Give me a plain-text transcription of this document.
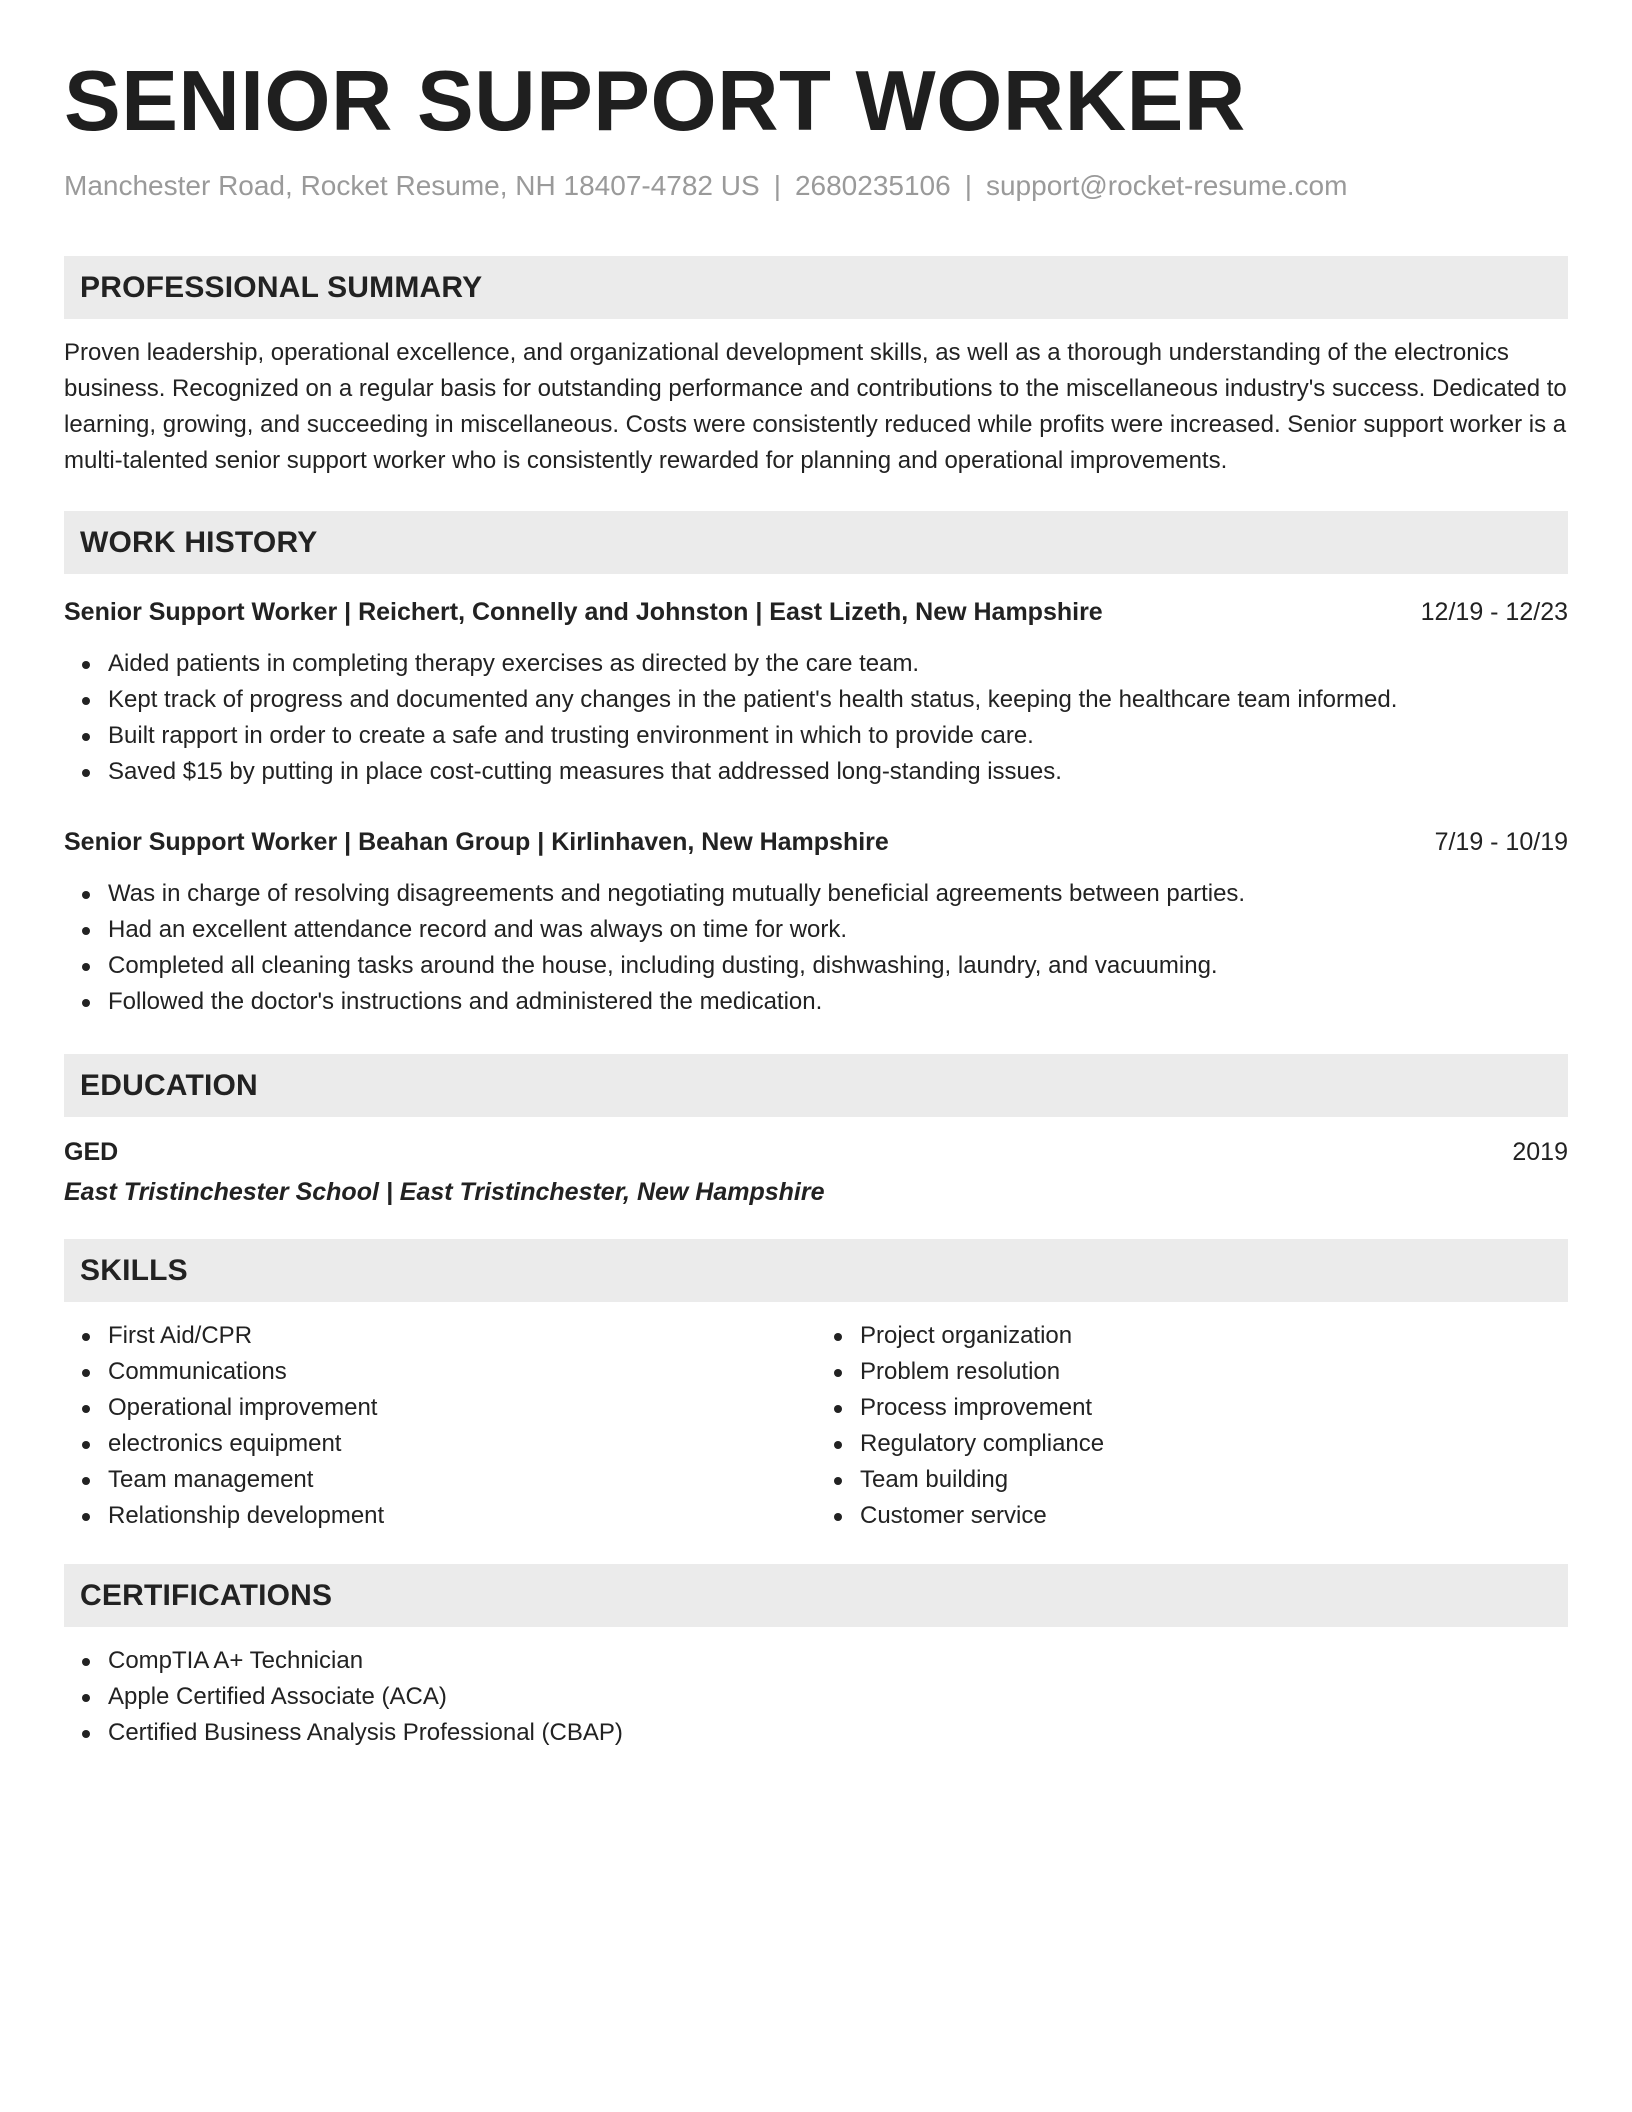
SENIOR SUPPORT WORKER
Manchester Road, Rocket Resume, NH 18407-4782 US | 2680235106 | support@rocket-resume.com
PROFESSIONAL SUMMARY

Proven leadership, operational excellence, and organizational development skills, as well as a thorough understanding of the electronics business. Recognized on a regular basis for outstanding performance and contributions to the miscellaneous industry's success. Dedicated to learning, growing, and succeeding in miscellaneous. Costs were consistently reduced while profits were increased. Senior support worker is a multi-talented senior support worker who is consistently rewarded for planning and operational improvements.

WORK HISTORY
Senior Support Worker | Reichert, Connelly and Johnston | East Lizeth, New Hampshire	12/19 - 12/23
Aided patients in completing therapy exercises as directed by the care team.
Kept track of progress and documented any changes in the patient's health status, keeping the healthcare team informed.
Built rapport in order to create a safe and trusting environment in which to provide care.
Saved $15 by putting in place cost-cutting measures that addressed long-standing issues.
Senior Support Worker | Beahan Group | Kirlinhaven, New Hampshire	7/19 - 10/19
Was in charge of resolving disagreements and negotiating mutually beneficial agreements between parties.
Had an excellent attendance record and was always on time for work.
Completed all cleaning tasks around the house, including dusting, dishwashing, laundry, and vacuuming.
Followed the doctor's instructions and administered the medication.
EDUCATION
GED	2019
East Tristinchester School | East Tristinchester, New Hampshire
SKILLS
First Aid/CPR
Communications
Operational improvement
electronics equipment
Team management
Relationship development
Project organization
Problem resolution
Process improvement
Regulatory compliance
Team building
Customer service
CERTIFICATIONS
CompTIA A+ Technician
Apple Certified Associate (ACA)
Certified Business Analysis Professional (CBAP)
